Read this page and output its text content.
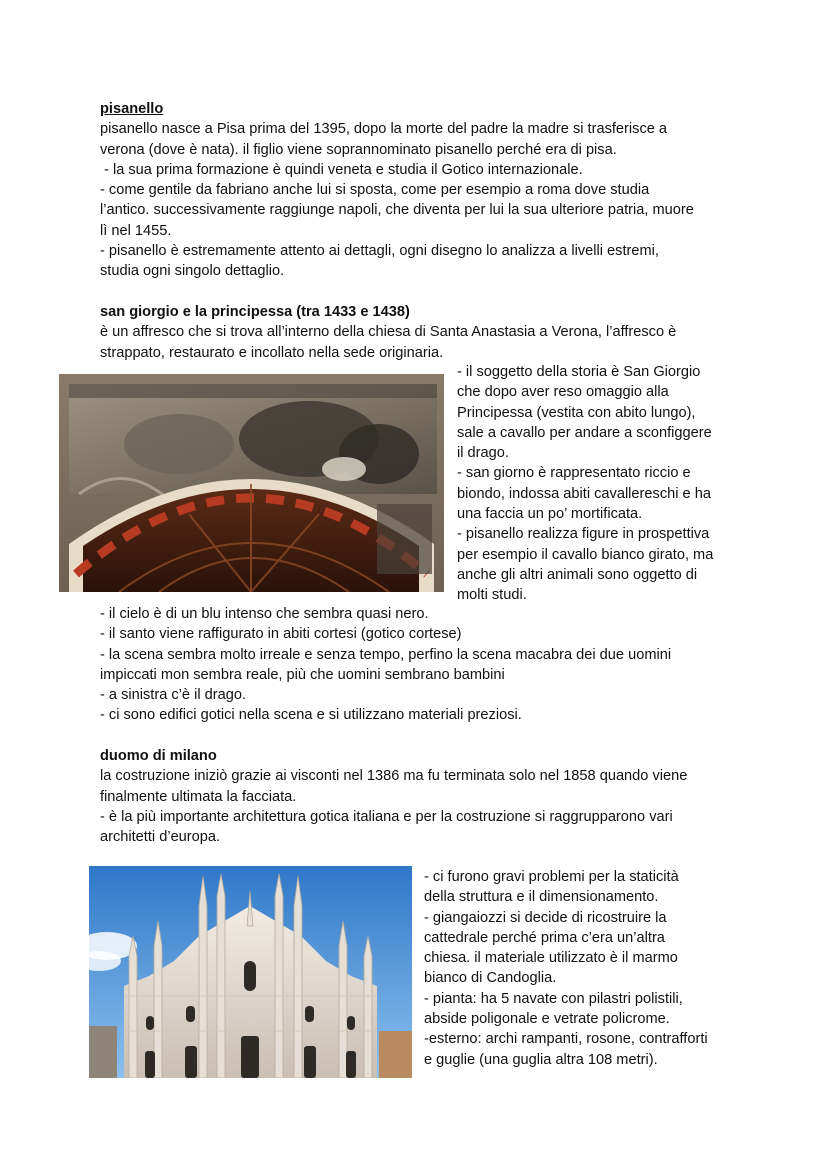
pisanello
pisanello nasce a Pisa prima del 1395, dopo la morte del padre la madre si trasferisce a
verona (dove è nata). il figlio viene soprannominato pisanello perché era di pisa.
- la sua prima formazione è quindi veneta e studia il Gotico internazionale.
- come gentile da fabriano anche lui si sposta, come per esempio a roma dove studia
l’antico. successivamente raggiunge napoli, che diventa per lui la sua ulteriore patria, muore
lì nel 1455.
- pisanello è estremamente attento ai dettagli, ogni disegno lo analizza a livelli estremi,
studia ogni singolo dettaglio.
san giorgio e la principessa (tra 1433 e 1438)
è un affresco che si trova all’interno della chiesa di Santa Anastasia a Verona, l’affresco è
strappato, restaurato e incollato nella sede originaria.
- il soggetto della storia è San Giorgio
che dopo aver reso omaggio alla
Principessa (vestita con abito lungo),
sale a cavallo per andare a sconfiggere
il drago.
- san giorno è rappresentato riccio e
biondo, indossa abiti cavallereschi e ha
una faccia un po’ mortificata.
- pisanello realizza figure in prospettiva
per esempio il cavallo bianco girato, ma
anche gli altri animali sono oggetto di
molti studi.
- il cielo è di un blu intenso che sembra quasi nero.
- il santo viene raffigurato in abiti cortesi (gotico cortese)
- la scena sembra molto irreale e senza tempo, perfino la scena macabra dei due uomini
impiccati mon sembra reale, più che uomini sembrano bambini
- a sinistra c’è il drago.
- ci sono edifici gotici nella scena e si utilizzano materiali preziosi.
duomo di milano
la costruzione iniziò grazie ai visconti nel 1386 ma fu terminata solo nel 1858 quando viene
finalmente ultimata la facciata.
- è la più importante architettura gotica italiana e per la costruzione si raggrupparono vari
architetti d’europa.
- ci furono gravi problemi per la staticità
della struttura e il dimensionamento.
- giangaiozzi si decide di ricostruire la
cattedrale perché prima c’era un’altra
chiesa. il materiale utilizzato è il marmo
bianco di Candoglia.
- pianta: ha 5 navate con pilastri polistili,
abside poligonale e vetrate policrome.
-esterno: archi rampanti, rosone, contrafforti
e guglie (una guglia altra 108 metri).
